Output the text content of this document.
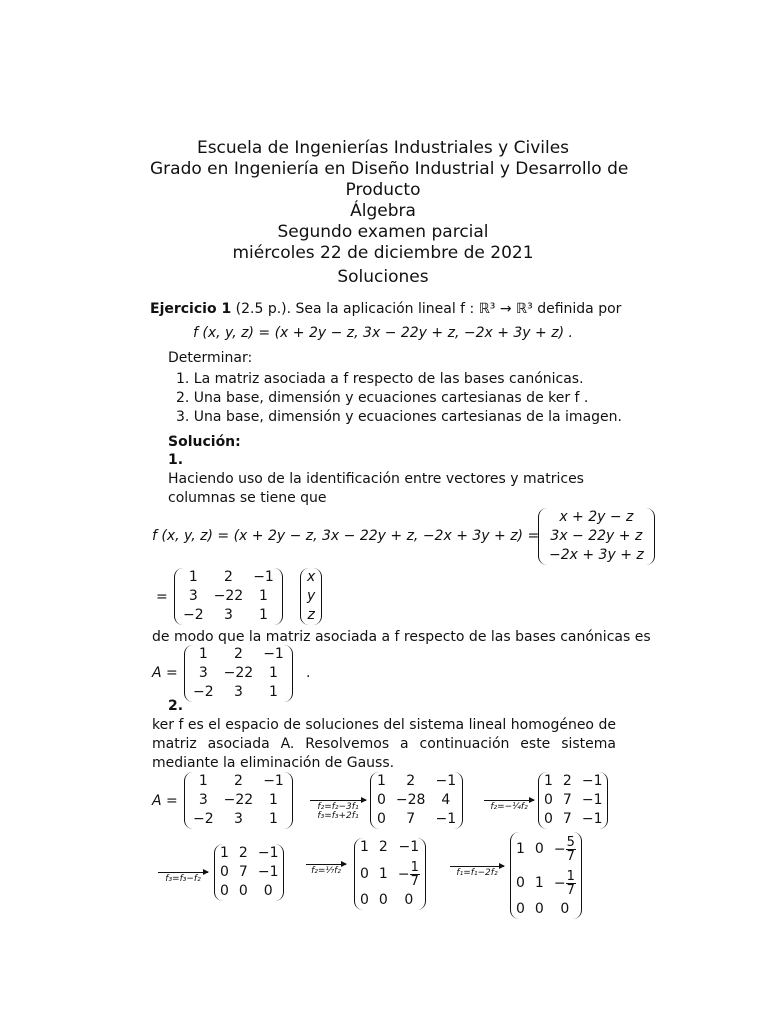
Escuela de Ingenierías Industriales y Civiles
Grado en Ingeniería en Diseño Industrial y Desarrollo de
Producto
Álgebra
Segundo examen parcial
miércoles 22 de diciembre de 2021
Soluciones
Ejercicio 1 (2.5 p.). Sea la aplicación lineal f : ℝ³ → ℝ³ definida por
f (x, y, z) = (x + 2y − z, 3x − 22y + z, −2x + 3y + z) .
Determinar:
1. La matriz asociada a f respecto de las bases canónicas.
2. Una base, dimensión y ecuaciones cartesianas de ker f .
3. Una base, dimensión y ecuaciones cartesianas de la imagen.
Solución:
1.
Haciendo uso de la identificación entre vectores y matrices columnas se tiene que
f (x, y, z) = (x + 2y − z, 3x − 22y + z, −2x + 3y + z) =
x + 2y − z
3x − 22y + z
−2x + 3y + z
=
1	2	−1
3	−22	1
−2	3	1
x
y
z
de modo que la matriz asociada a f respecto de las bases canónicas es
A =
1	2	−1
3	−22	1
−2	3	1
.
2.
ker f es el espacio de soluciones del sistema lineal homogéneo de matriz asociada A. Resolvemos a continuación este sistema mediante la eliminación de Gauss.
A =
1	2	−1
3	−22	1
−2	3	1
f₂=f₂−3f₁
f₃=f₃+2f₁
1	2	−1
0	−28	4
0	7	−1
f₂=−¼f₂
1	2	−1
0	7	−1
0	7	−1
f₃=f₃−f₂
1	2	−1
0	7	−1
0	0	0
f₂=⅐f₂
1	2	−1
0	1	− $\frac{1}{7}$

0	0	0
f₁=f₁−2f₂
1	0	− $\frac{5}{7}$

0	1	− $\frac{1}{7}$

0	0	0
